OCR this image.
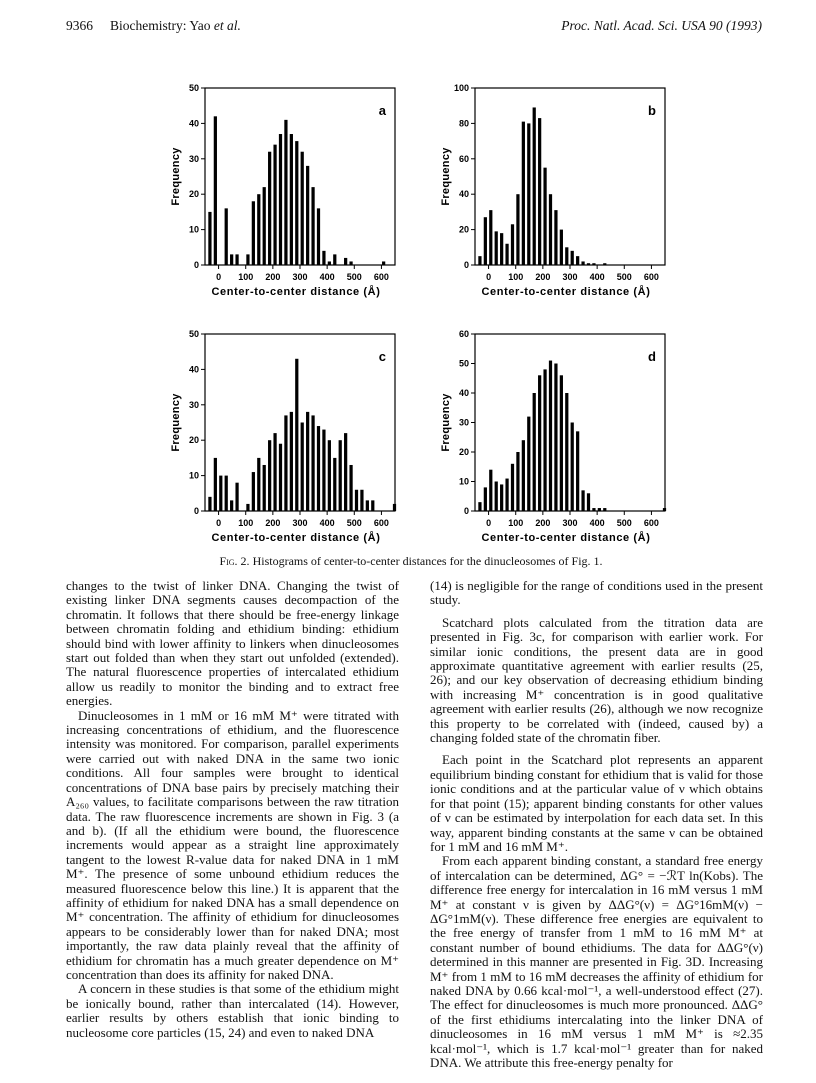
9366 Biochemistry: Yao et al.	Proc. Natl. Acad. Sci. USA 90 (1993)
0
10
20
30
40
50
0 100 200 300 400 500 600
Center-to-center distance (Å)
Frequency
a
0
20
40
60
80
100
0 100 200 300 400 500 600
Center-to-center distance (Å)
Frequency
b
0
10
20
30
40
50
0 100 200 300 400 500 600
Center-to-center distance (Å)
Frequency
c
0
10
20
30
40
50
60
0 100 200 300 400 500 600
Center-to-center distance (Å)
Frequency
d
Fig. 2. Histograms of center-to-center distances for the dinucleosomes of Fig. 1.

changes to the twist of linker DNA. Changing the twist of existing linker DNA segments causes decompaction of the chromatin. It follows that there should be free-energy linkage between chromatin folding and ethidium binding: ethidium should bind with lower affinity to linkers when dinucleosomes start out folded than when they start out unfolded (extended). The natural fluorescence properties of intercalated ethidium allow us readily to monitor the binding and to extract free energies.

Dinucleosomes in 1 mM or 16 mM M⁺ were titrated with increasing concentrations of ethidium, and the fluorescence intensity was monitored. For comparison, parallel experiments were carried out with naked DNA in the same two ionic conditions. All four samples were brought to identical concentrations of DNA base pairs by precisely matching their A₂₆₀ values, to facilitate comparisons between the raw titration data. The raw fluorescence increments are shown in Fig. 3 (a and b). (If all the ethidium were bound, the fluorescence increments would appear as a straight line approximately tangent to the lowest R-value data for naked DNA in 1 mM M⁺. The presence of some unbound ethidium reduces the measured fluorescence below this line.) It is apparent that the affinity of ethidium for naked DNA has a small dependence on M⁺ concentration. The affinity of ethidium for dinucleosomes appears to be considerably lower than for naked DNA; most importantly, the raw data plainly reveal that the affinity of ethidium for chromatin has a much greater dependence on M⁺ concentration than does its affinity for naked DNA.

A concern in these studies is that some of the ethidium might be ionically bound, rather than intercalated (14). However, earlier results by others establish that ionic binding to nucleosome core particles (15, 24) and even to naked DNA

(14) is negligible for the range of conditions used in the present study.

Scatchard plots calculated from the titration data are presented in Fig. 3c, for comparison with earlier work. For similar ionic conditions, the present data are in good approximate quantitative agreement with earlier results (25, 26); and our key observation of decreasing ethidium binding with increasing M⁺ concentration is in good qualitative agreement with earlier results (26), although we now recognize this property to be correlated with (indeed, caused by) a changing folded state of the chromatin fiber.

Each point in the Scatchard plot represents an apparent equilibrium binding constant for ethidium that is valid for those ionic conditions and at the particular value of ν which obtains for that point (15); apparent binding constants for other values of ν can be estimated by interpolation for each data set. In this way, apparent binding constants at the same ν can be obtained for 1 mM and 16 mM M⁺.

From each apparent binding constant, a standard free energy of intercalation can be determined, ΔG° = −ℛT ln(Kobs). The difference free energy for intercalation in 16 mM versus 1 mM M⁺ at constant ν is given by ΔΔG°(ν) = ΔG°16mM(ν) − ΔG°1mM(ν). These difference free energies are equivalent to the free energy of transfer from 1 mM to 16 mM M⁺ at constant number of bound ethidiums. The data for ΔΔG°(ν) determined in this manner are presented in Fig. 3D. Increasing M⁺ from 1 mM to 16 mM decreases the affinity of ethidium for naked DNA by 0.66 kcal·mol⁻¹, a well-understood effect (27). The effect for dinucleosomes is much more pronounced. ΔΔG° of the first ethidiums intercalating into the linker DNA of dinucleosomes in 16 mM versus 1 mM M⁺ is ≈2.35 kcal·mol⁻¹, which is 1.7 kcal·mol⁻¹ greater than for naked DNA. We attribute this free-energy penalty for
